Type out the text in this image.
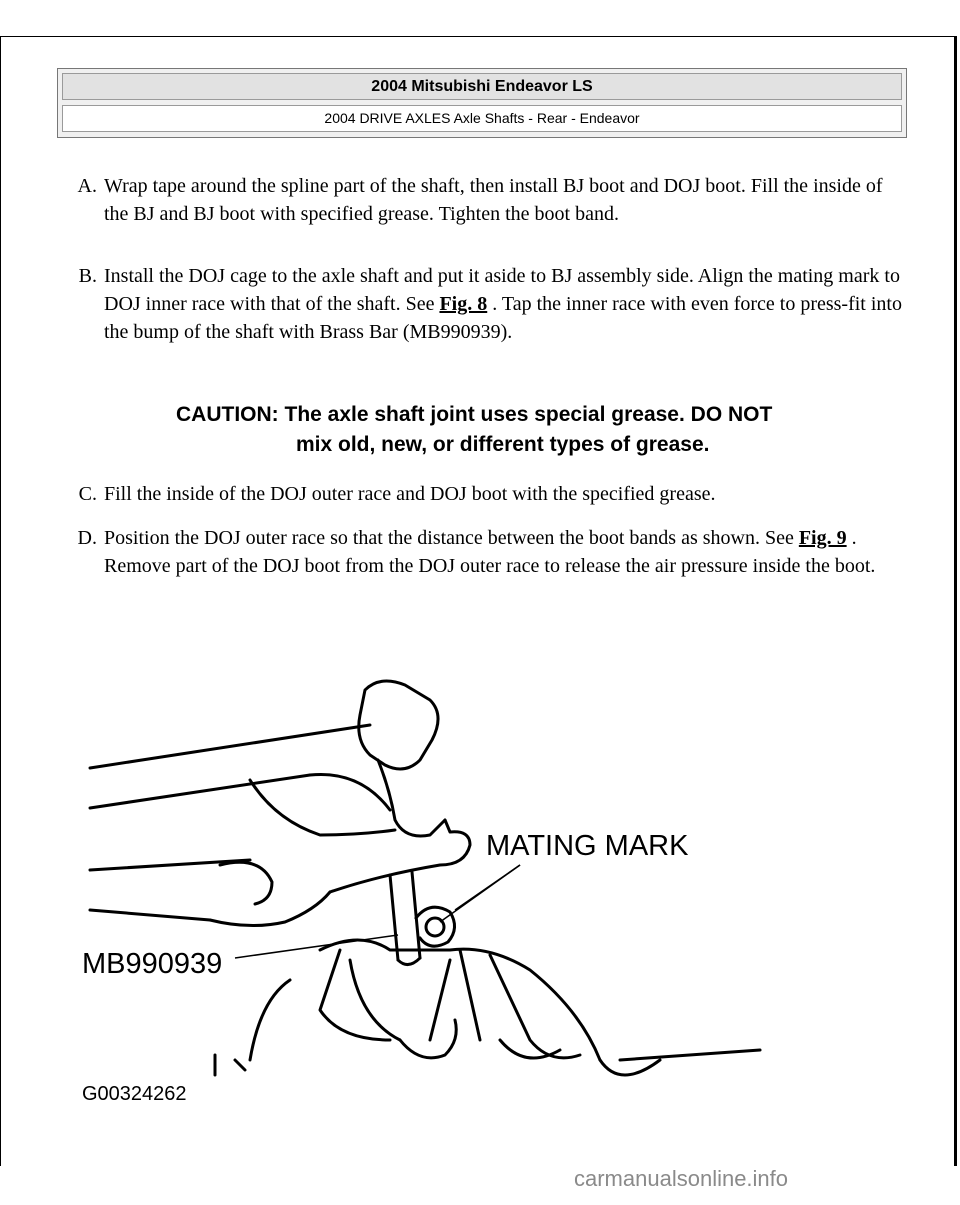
2004 Mitsubishi Endeavor LS
2004 DRIVE AXLES Axle Shafts - Rear - Endeavor
A. Wrap tape around the spline part of the shaft, then install BJ boot and DOJ boot. Fill the inside of the BJ and BJ boot with specified grease. Tighten the boot band.
B. Install the DOJ cage to the axle shaft and put it aside to BJ assembly side. Align the mating mark to DOJ inner race with that of the shaft. See Fig. 8 . Tap the inner race with even force to press-fit into the bump of the shaft with Brass Bar (MB990939).
C. Fill the inside of the DOJ outer race and DOJ boot with the specified grease.
D. Position the DOJ outer race so that the distance between the boot bands as shown. See Fig. 9 . Remove part of the DOJ boot from the DOJ outer race to release the air pressure inside the boot.
CAUTION: The axle shaft joint uses special grease. DO NOT
mix old, new, or different types of grease.
MATING MARK
MB990939
G00324262
carmanualsonline.info
